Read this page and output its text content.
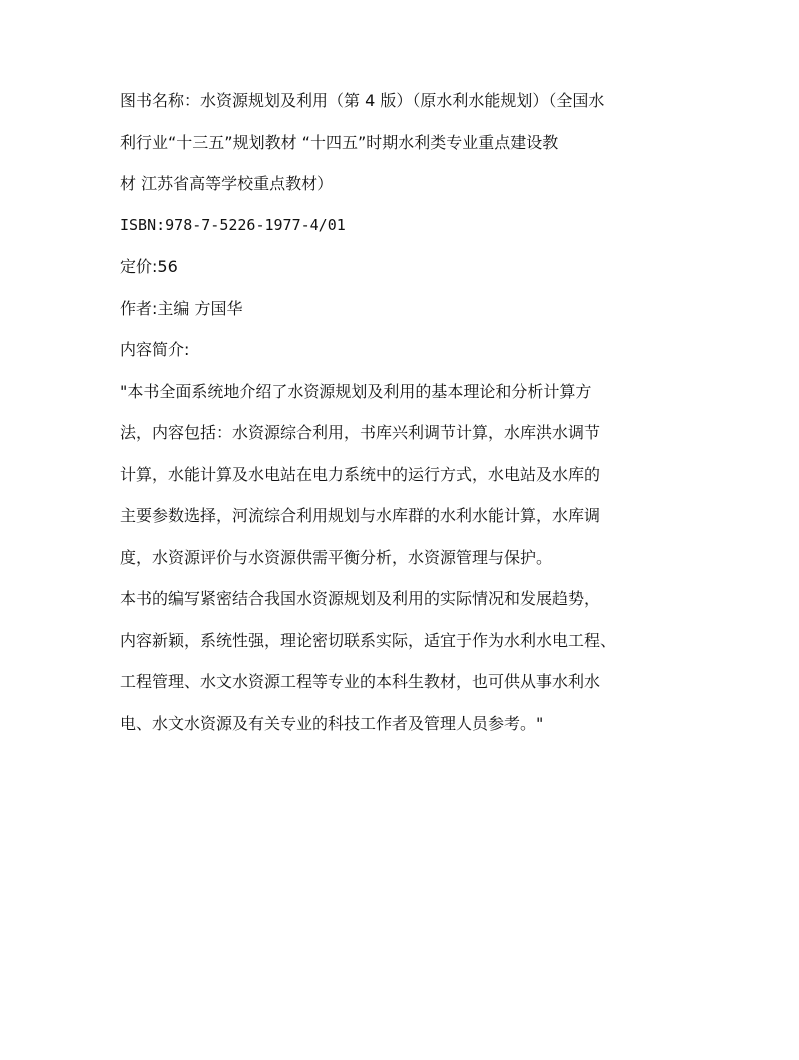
图书名称：水资源规划及利用（第 4 版）（原水利水能规划）（全国水
利行业“十三五”规划教材 “十四五”时期水利类专业重点建设教
材 江苏省高等学校重点教材）
ISBN:978-7-5226-1977-4/01
定价:56
作者:主编 方国华
内容简介:
"本书全面系统地介绍了水资源规划及利用的基本理论和分析计算方
法，内容包括：水资源综合利用，书库兴利调节计算，水库洪水调节
计算，水能计算及水电站在电力系统中的运行方式，水电站及水库的
主要参数选择，河流综合利用规划与水库群的水利水能计算，水库调
度，水资源评价与水资源供需平衡分析，水资源管理与保护。
本书的编写紧密结合我国水资源规划及利用的实际情况和发展趋势，
内容新颖，系统性强，理论密切联系实际，适宜于作为水利水电工程、
工程管理、水文水资源工程等专业的本科生教材，也可供从事水利水
电、水文水资源及有关专业的科技工作者及管理人员参考。"
